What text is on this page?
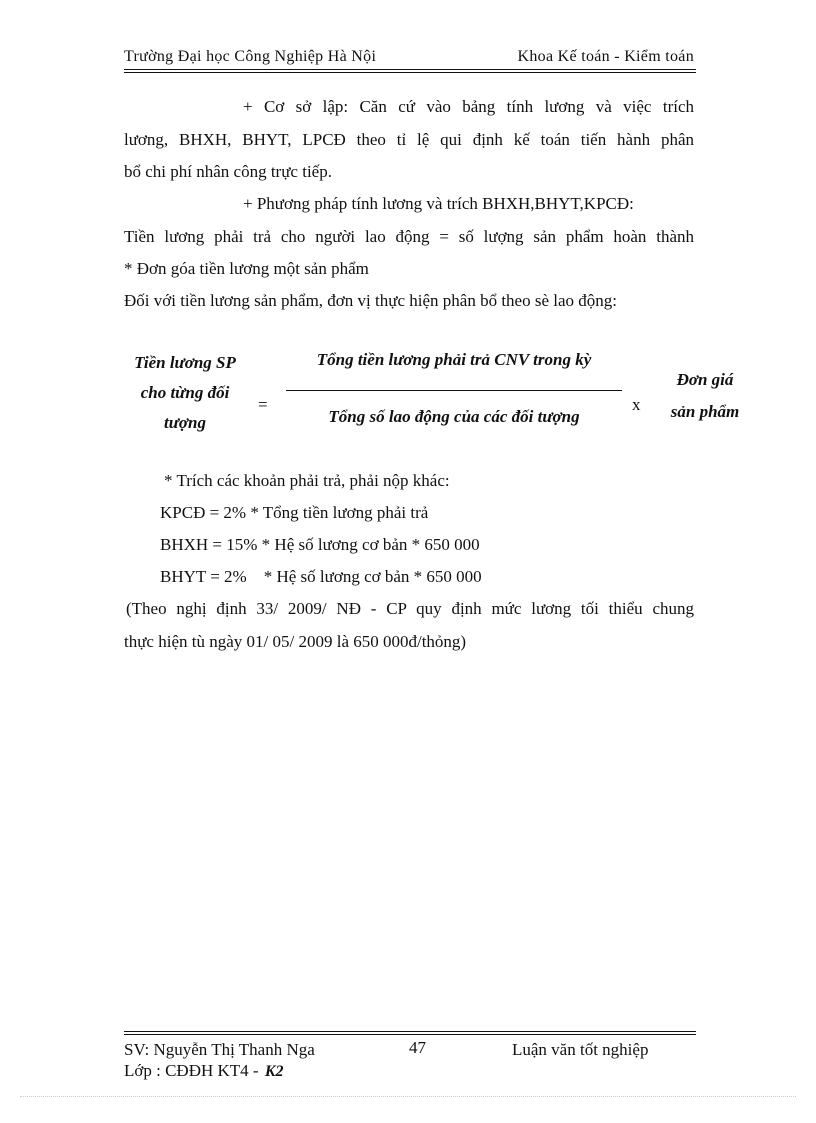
Trường Đại học Công Nghiệp Hà Nội	Khoa Kế toán - Kiểm toán
+ Cơ sở lập: Căn cứ vào bảng tính lương và việc trích
lương, BHXH, BHYT, LPCĐ theo tỉ lệ qui định kế toán tiến hành phân
bổ chi phí nhân công trực tiếp.
+ Phương pháp tính lương và trích BHXH,BHYT,KPCĐ:
Tiền lương phải trả cho người lao động = số lượng sản phẩm hoàn thành
* Đơn góa tiền lương một sản phẩm
Đối với tiền lương sản phẩm, đơn vị thực hiện phân bổ theo sè lao động:
Tiền lương SP
cho từng đối
tượng
=
Tổng tiền lương phải trả CNV trong kỳ
Tổng số lao động của các đối tượng
x
Đơn giá
sản phẩm
* Trích các khoản phải trả, phải nộp khác:
KPCĐ = 2% * Tổng tiền lương phải trả
BHXH = 15% * Hệ số lương cơ bản * 650 000
BHYT = 2%    * Hệ số lương cơ bản * 650 000
(Theo nghị định 33/ 2009/ NĐ - CP quy định mức lương tối thiểu chung
thực hiện tù ngày 01/ 05/ 2009 là 650 000đ/thỏng)
SV: Nguyễn Thị Thanh Nga	47	Luận văn tốt nghiệp
Lớp : CĐĐH KT4 - K2
